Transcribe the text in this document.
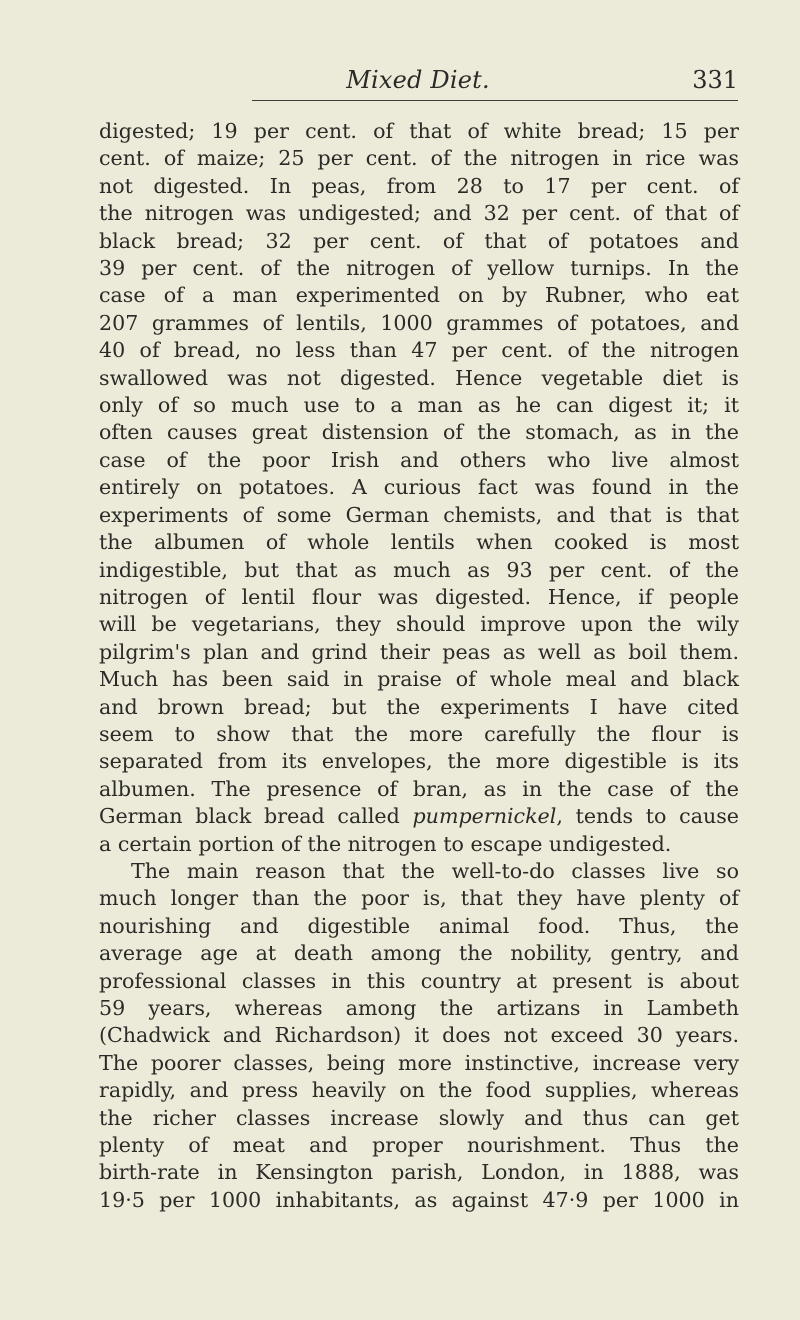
Mixed Diet.	331
digested; 19 per cent. of that of white bread; 15 per
cent. of maize; 25 per cent. of the nitrogen in rice was
not digested. In peas, from 28 to 17 per cent. of
the nitrogen was undigested; and 32 per cent. of that of
black bread; 32 per cent. of that of potatoes and
39 per cent. of the nitrogen of yellow turnips. In the
case of a man experimented on by Rubner, who eat
207 grammes of lentils, 1000 grammes of potatoes, and
40 of bread, no less than 47 per cent. of the nitrogen
swallowed was not digested. Hence vegetable diet is
only of so much use to a man as he can digest it; it
often causes great distension of the stomach, as in the
case of the poor Irish and others who live almost
entirely on potatoes. A curious fact was found in the
experiments of some German chemists, and that is that
the albumen of whole lentils when cooked is most
indigestible, but that as much as 93 per cent. of the
nitrogen of lentil flour was digested. Hence, if people
will be vegetarians, they should improve upon the wily
pilgrim's plan and grind their peas as well as boil them.
Much has been said in praise of whole meal and black
and brown bread; but the experiments I have cited
seem to show that the more carefully the flour is
separated from its envelopes, the more digestible is its
albumen. The presence of bran, as in the case of the
German black bread called pumpernickel, tends to cause
a certain portion of the nitrogen to escape undigested.
The main reason that the well-to-do classes live so
much longer than the poor is, that they have plenty of
nourishing and digestible animal food. Thus, the
average age at death among the nobility, gentry, and
professional classes in this country at present is about
59 years, whereas among the artizans in Lambeth
(Chadwick and Richardson) it does not exceed 30 years.
The poorer classes, being more instinctive, increase very
rapidly, and press heavily on the food supplies, whereas
the richer classes increase slowly and thus can get
plenty of meat and proper nourishment. Thus the
birth-rate in Kensington parish, London, in 1888, was
19·5 per 1000 inhabitants, as against 47·9 per 1000 in
